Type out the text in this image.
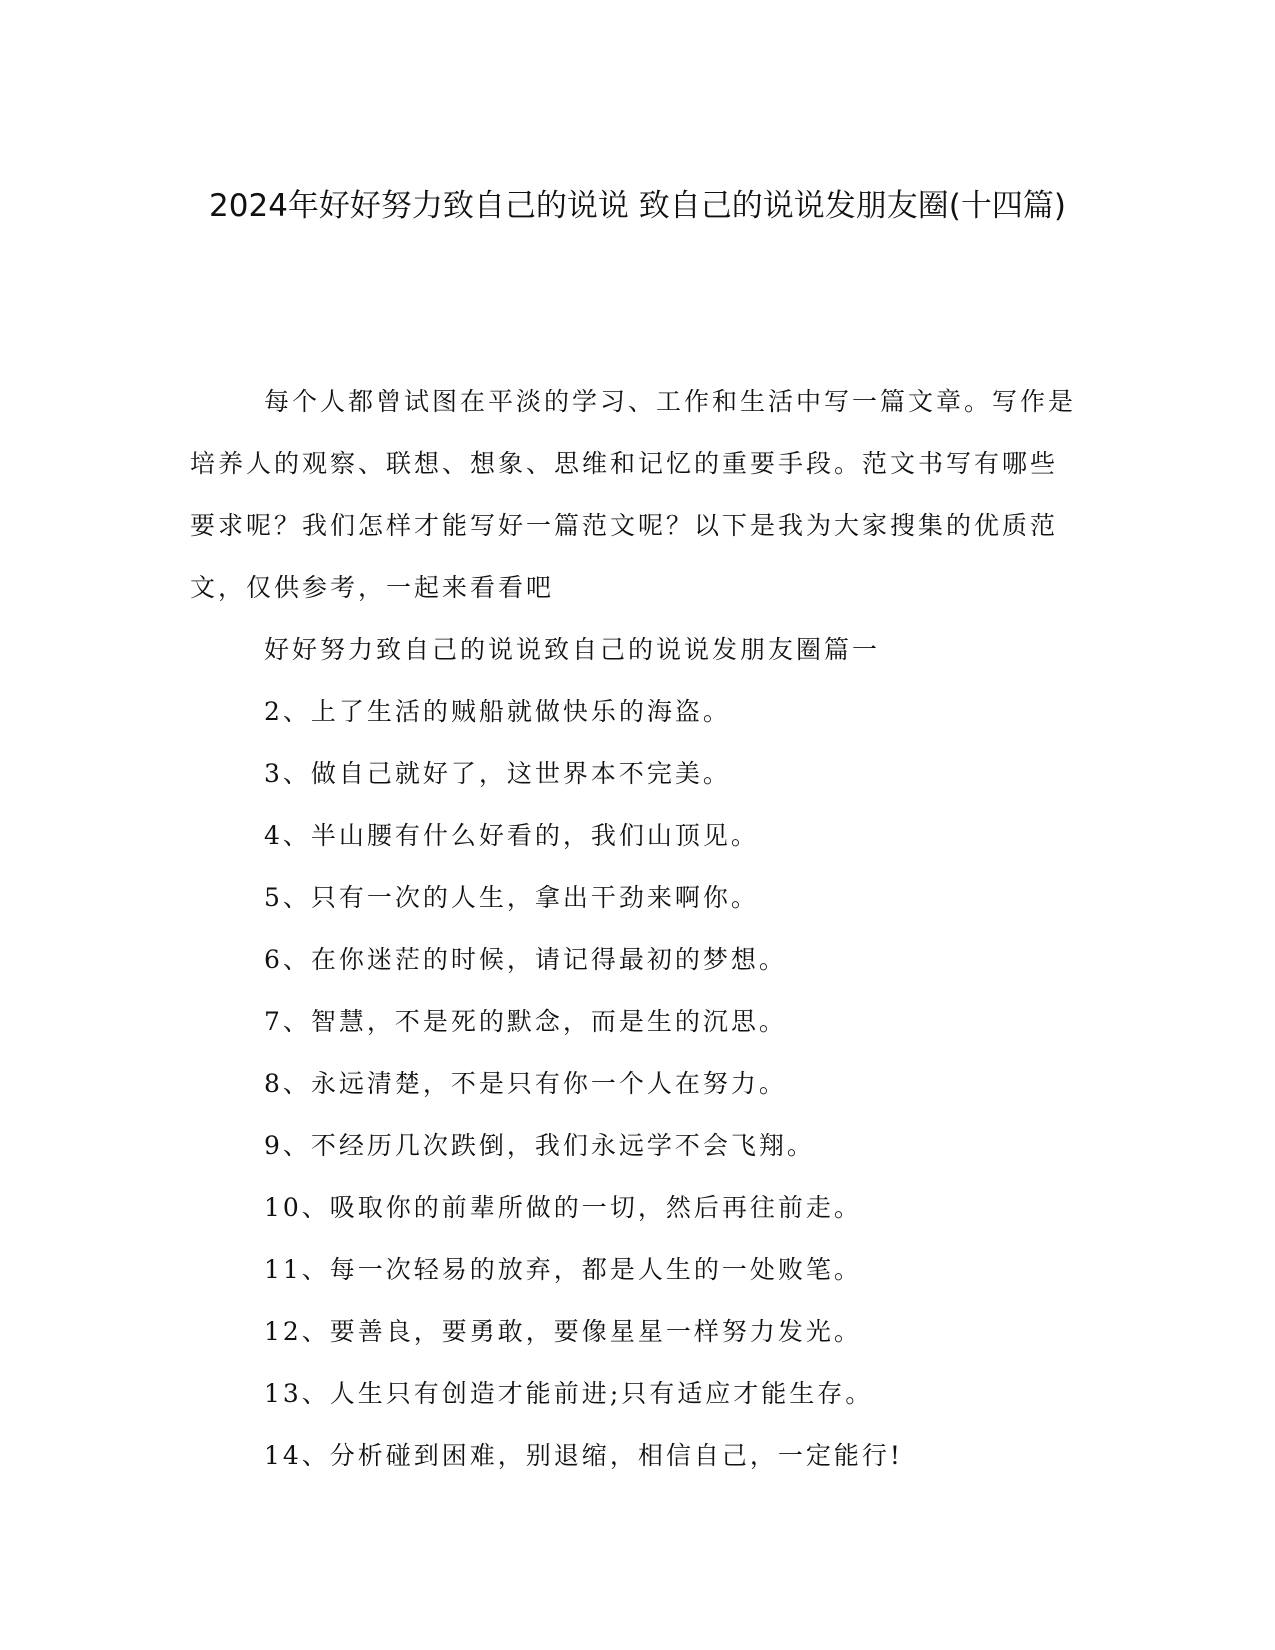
2024年好好努力致自己的说说 致自己的说说发朋友圈(十四篇)

每个人都曾试图在平淡的学习、工作和生活中写一篇文章。写作是培养人的观察、联想、想象、思维和记忆的重要手段。范文书写有哪些要求呢？我们怎样才能写好一篇范文呢？以下是我为大家搜集的优质范文，仅供参考，一起来看看吧

好好努力致自己的说说致自己的说说发朋友圈篇一

2、上了生活的贼船就做快乐的海盗。

3、做自己就好了，这世界本不完美。

4、半山腰有什么好看的，我们山顶见。

5、只有一次的人生，拿出干劲来啊你。

6、在你迷茫的时候，请记得最初的梦想。

7、智慧，不是死的默念，而是生的沉思。

8、永远清楚，不是只有你一个人在努力。

9、不经历几次跌倒，我们永远学不会飞翔。

10、吸取你的前辈所做的一切，然后再往前走。

11、每一次轻易的放弃，都是人生的一处败笔。

12、要善良，要勇敢，要像星星一样努力发光。

13、人生只有创造才能前进;只有适应才能生存。

14、分析碰到困难，别退缩，相信自己，一定能行!
